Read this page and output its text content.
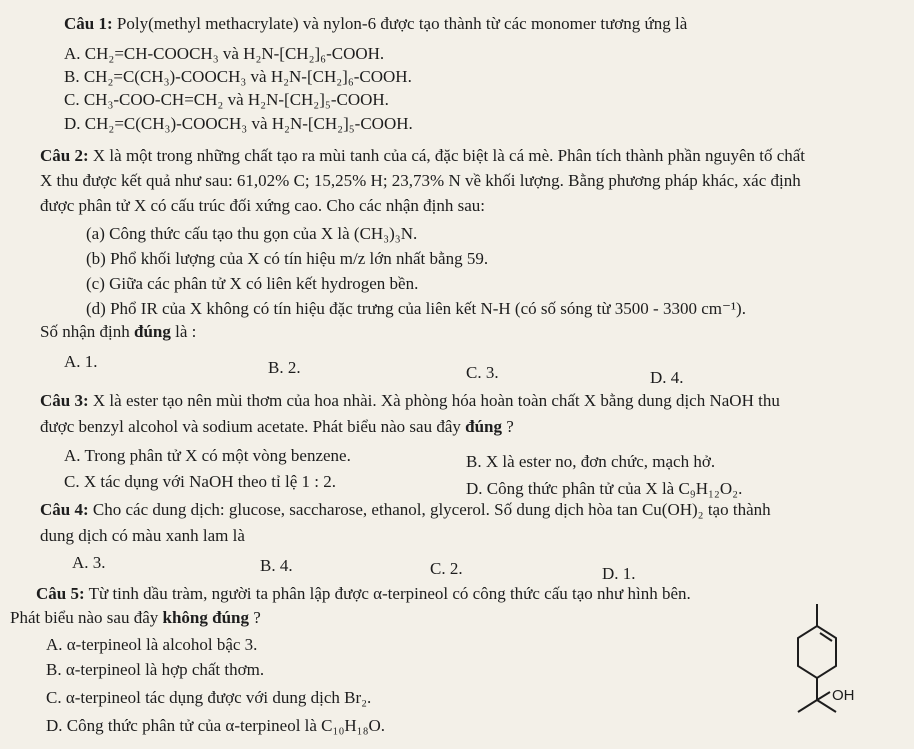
Câu 1: Poly(methyl methacrylate) và nylon-6 được tạo thành từ các monomer tương ứng là
A. CH₂=CH-COOCH₃ và H₂N-[CH₂]₆-COOH.
B. CH₂=C(CH₃)-COOCH₃ và H₂N-[CH₂]₆-COOH.
C. CH₃-COO-CH=CH₂ và H₂N-[CH₂]₅-COOH.
D. CH₂=C(CH₃)-COOCH₃ và H₂N-[CH₂]₅-COOH.
Câu 2: X là một trong những chất tạo ra mùi tanh của cá, đặc biệt là cá mè. Phân tích thành phần nguyên tố chất
X thu được kết quả như sau: 61,02% C; 15,25% H; 23,73% N về khối lượng. Bằng phương pháp khác, xác định
được phân tử X có cấu trúc đối xứng cao. Cho các nhận định sau:
(a) Công thức cấu tạo thu gọn của X là (CH₃)₃N.
(b) Phổ khối lượng của X có tín hiệu m/z lớn nhất bằng 59.
(c) Giữa các phân tử X có liên kết hydrogen bền.
(d) Phổ IR của X không có tín hiệu đặc trưng của liên kết N-H (có số sóng từ 3500 - 3300 cm⁻¹).
Số nhận định đúng là :
A. 1.	B. 2.	C. 3.	D. 4.
Câu 3: X là ester tạo nên mùi thơm của hoa nhài. Xà phòng hóa hoàn toàn chất X bằng dung dịch NaOH thu
được benzyl alcohol và sodium acetate. Phát biểu nào sau đây đúng ?
A. Trong phân tử X có một vòng benzene.	B. X là ester no, đơn chức, mạch hở.
C. X tác dụng với NaOH theo tỉ lệ 1 : 2.	D. Công thức phân tử của X là C₉H₁₂O₂.
Câu 4: Cho các dung dịch: glucose, saccharose, ethanol, glycerol. Số dung dịch hòa tan Cu(OH)₂ tạo thành
dung dịch có màu xanh lam là
A. 3.	B. 4.	C. 2.	D. 1.
Câu 5: Từ tinh dầu tràm, người ta phân lập được α-terpineol có công thức cấu tạo như hình bên.
Phát biểu nào sau đây không đúng ?
A. α-terpineol là alcohol bậc 3.
B. α-terpineol là hợp chất thơm.
C. α-terpineol tác dụng được với dung dịch Br₂.
D. Công thức phân tử của α-terpineol là C₁₀H₁₈O.
OH
